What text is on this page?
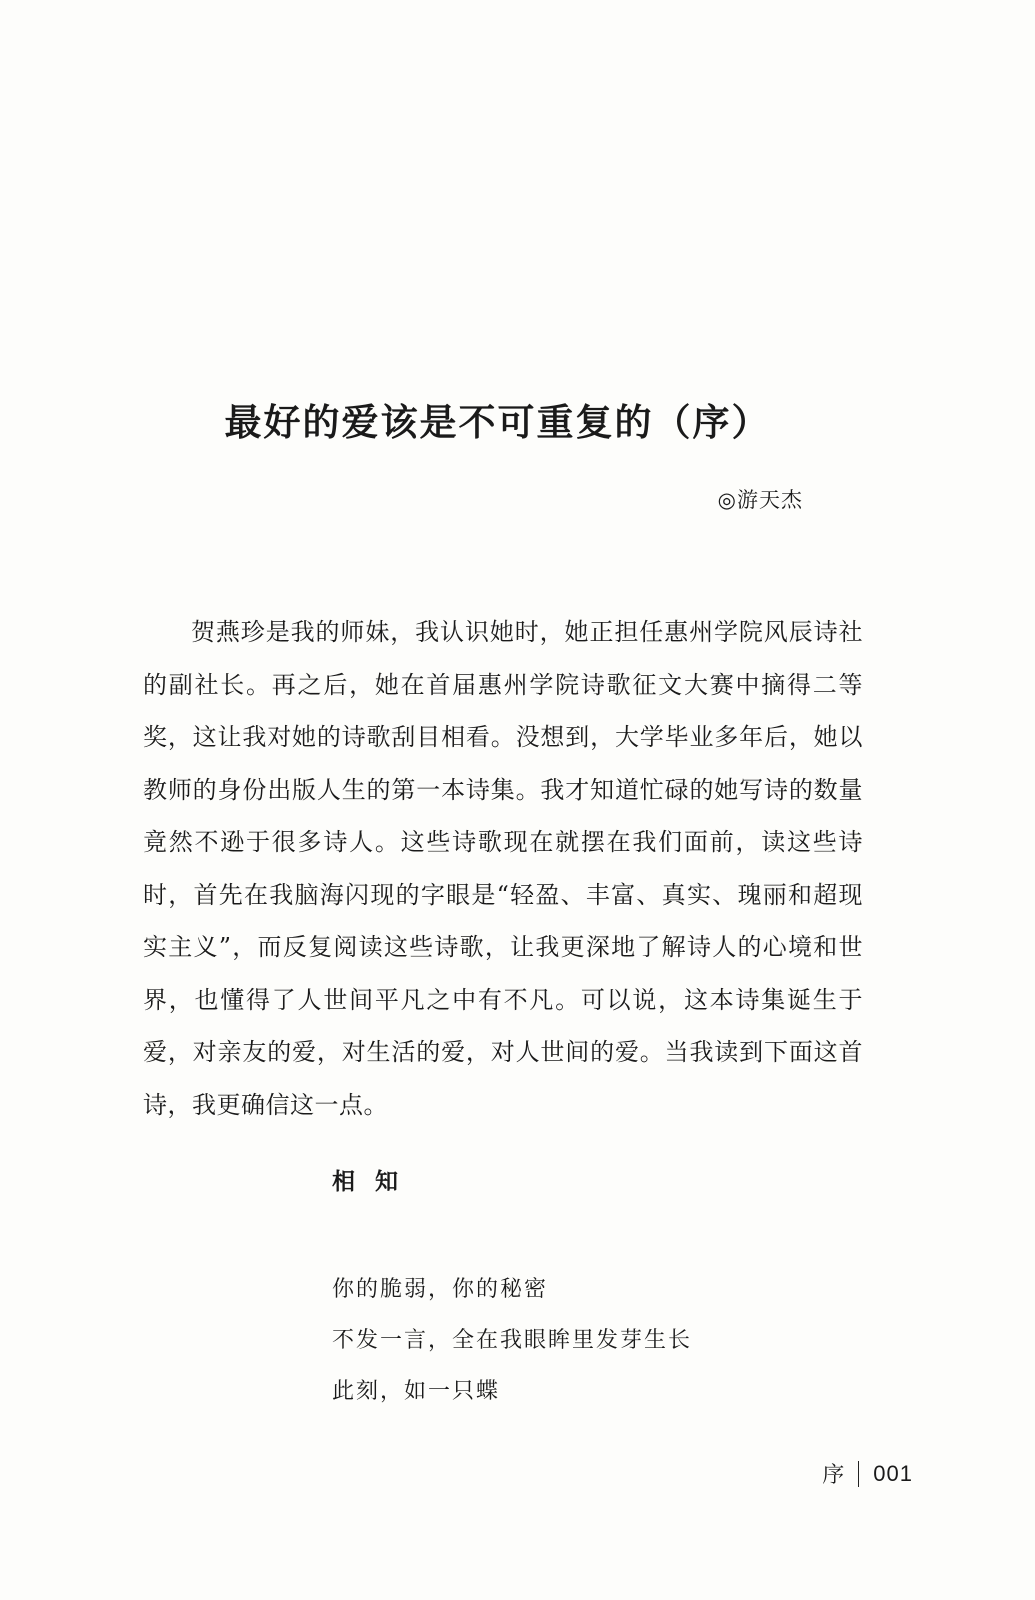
最好的爱该是不可重复的（序）
◎游天杰
贺燕珍是我的师妹，我认识她时，她正担任惠州学院风辰诗社的副社长。再之后，她在首届惠州学院诗歌征文大赛中摘得二等奖，这让我对她的诗歌刮目相看。没想到，大学毕业多年后，她以教师的身份出版人生的第一本诗集。我才知道忙碌的她写诗的数量竟然不逊于很多诗人。这些诗歌现在就摆在我们面前，读这些诗时，首先在我脑海闪现的字眼是“轻盈、丰富、真实、瑰丽和超现实主义”，而反复阅读这些诗歌，让我更深地了解诗人的心境和世界，也懂得了人世间平凡之中有不凡。可以说，这本诗集诞生于爱，对亲友的爱，对生活的爱，对人世间的爱。当我读到下面这首诗，我更确信这一点。
相知
你的脆弱，你的秘密
不发一言，全在我眼眸里发芽生长
此刻，如一只蝶
序 001
